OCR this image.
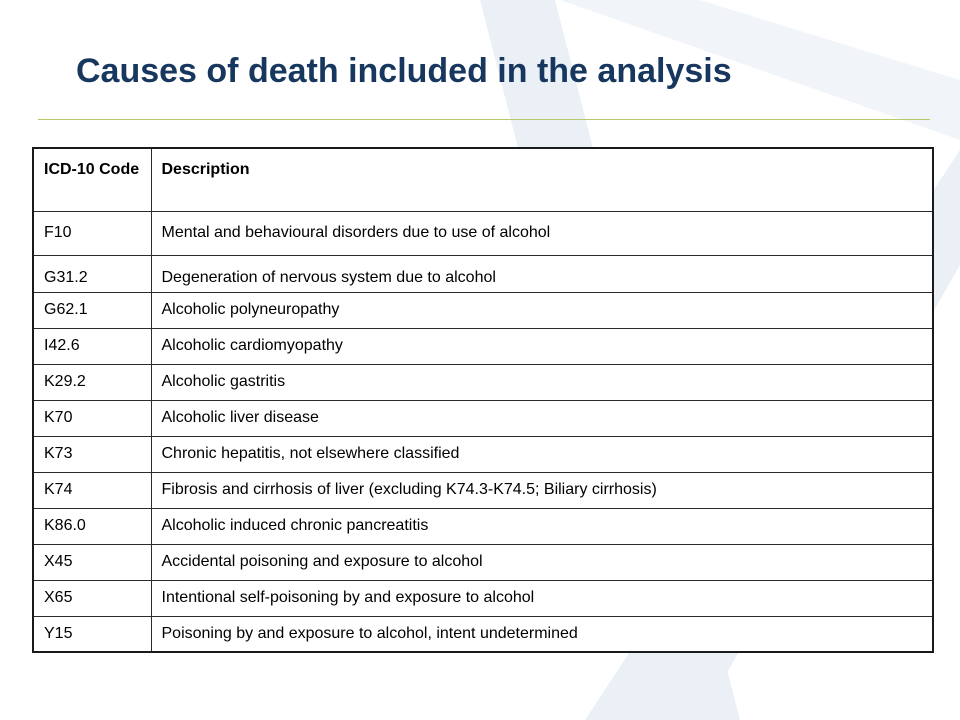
Causes of death included in the analysis
ICD-10 Code	Description
F10	Mental and behavioural disorders due to use of alcohol
G31.2	Degeneration of nervous system due to alcohol
G62.1	Alcoholic polyneuropathy
I42.6	Alcoholic cardiomyopathy
K29.2	Alcoholic gastritis
K70	Alcoholic liver disease
K73	Chronic hepatitis, not elsewhere classified
K74	Fibrosis and cirrhosis of liver (excluding K74.3-K74.5; Biliary cirrhosis)
K86.0	Alcoholic induced chronic pancreatitis
X45	Accidental poisoning and exposure to alcohol
X65	Intentional self-poisoning by and exposure to alcohol
Y15	Poisoning by and exposure to alcohol, intent undetermined
